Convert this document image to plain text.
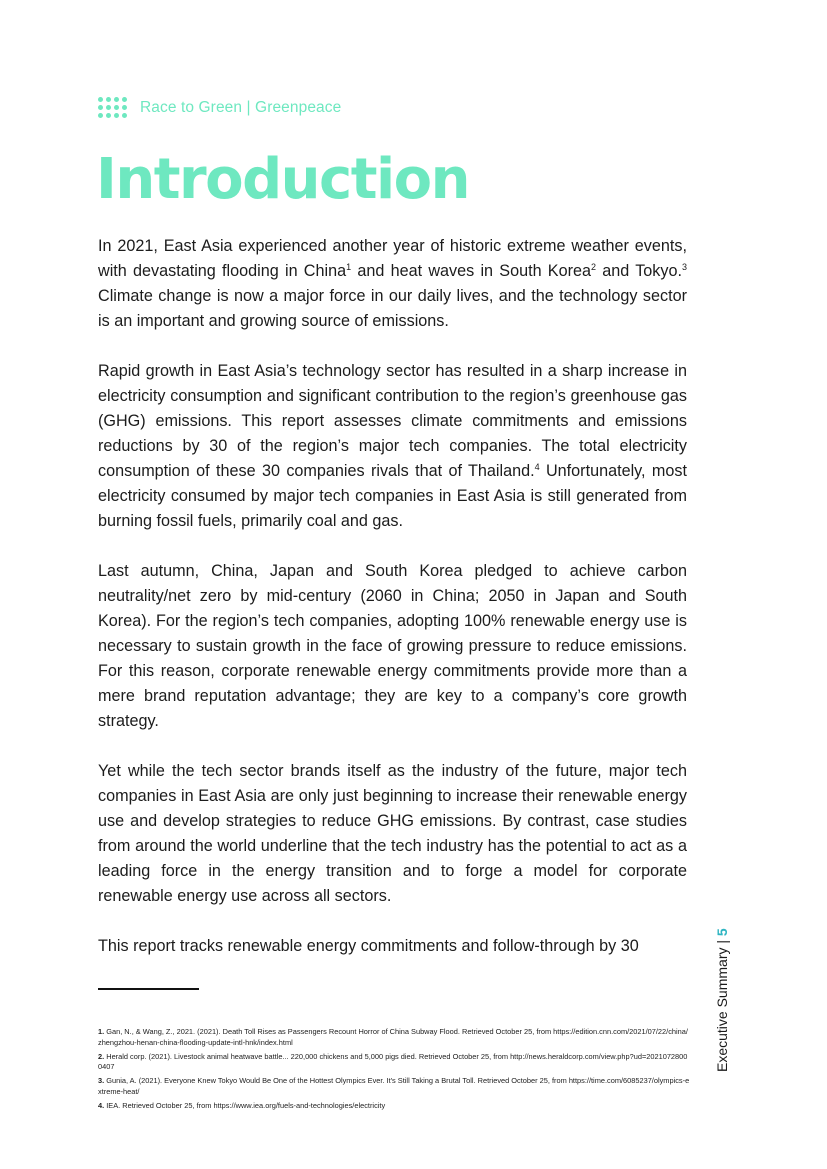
Race to Green | Greenpeace
Introduction

In 2021, East Asia experienced another year of historic extreme weather events, with devastating flooding in China$^1$ and heat waves in South Korea$^2$ and Tokyo.$^3$ Climate change is now a major force in our daily lives, and the technology sector is an important and growing source of emissions.

Rapid growth in East Asia’s technology sector has resulted in a sharp increase in electricity consumption and significant contribution to the region’s greenhouse gas (GHG) emissions. This report assesses climate commitments and emissions reductions by 30 of the region’s major tech companies. The total electricity consumption of these 30 companies rivals that of Thailand.$^4$ Unfortunately, most electricity consumed by major tech companies in East Asia is still generated from burning fossil fuels, primarily coal and gas.

Last autumn, China, Japan and South Korea pledged to achieve carbon neutrality/net zero by mid-century (2060 in China; 2050 in Japan and South Korea). For the region’s tech companies, adopting 100% renewable energy use is necessary to sustain growth in the face of growing pressure to reduce emissions. For this reason, corporate renewable energy commitments provide more than a mere brand reputation advantage; they are key to a company’s core growth strategy.

Yet while the tech sector brands itself as the industry of the future, major tech companies in East Asia are only just beginning to increase their renewable energy use and develop strategies to reduce GHG emissions. By contrast, case studies from around the world underline that the tech industry has the potential to act as a leading force in the energy transition and to forge a model for corporate renewable energy use across all sectors.

This report tracks renewable energy commitments and follow-through by 30

1. Gan, N., & Wang, Z., 2021. (2021). Death Toll Rises as Passengers Recount Horror of China Subway Flood. Retrieved October 25, from https://edition.cnn.com/2021/07/22/china/zhengzhou-henan-china-flooding-update-intl-hnk/index.html
2. Herald corp. (2021). Livestock animal heatwave battle... 220,000 chickens and 5,000 pigs died. Retrieved October 25, from http://news.heraldcorp.com/view.php?ud=20210728000407
3. Gunia, A. (2021). Everyone Knew Tokyo Would Be One of the Hottest Olympics Ever. It's Still Taking a Brutal Toll. Retrieved October 25, from https://time.com/6085237/olympics-extreme-heat/
4. IEA. Retrieved October 25, from https://www.iea.org/fuels-and-technologies/electricity
Executive Summary | 5
